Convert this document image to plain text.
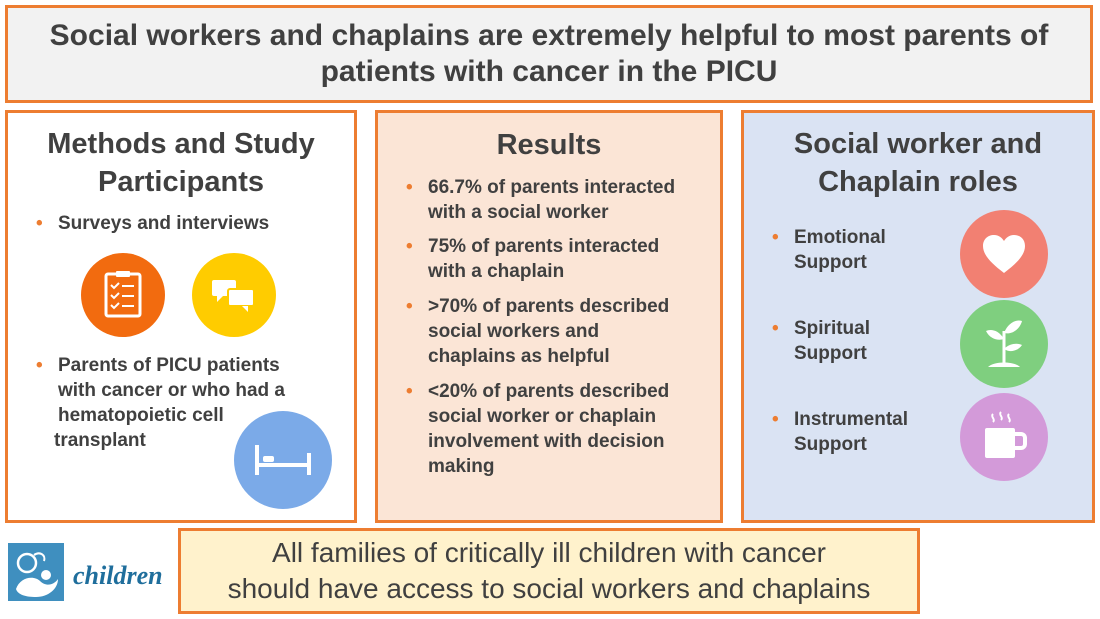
Social workers and chaplains are extremely helpful to most parents of
patients with cancer in the PICU
Methods and Study
Participants
• Surveys and interviews
• Parents of PICU patients
with cancer or who had a
hematopoietic cell
transplant
Results
• 66.7% of parents interacted
with a social worker
• 75% of parents interacted
with a chaplain
• >70% of parents described
social workers and
chaplains as helpful
• <20% of parents described
social worker or chaplain
involvement with decision
making
Social worker and
Chaplain roles
• Emotional
Support
• Spiritual
Support
• Instrumental
Support
children
All families of critically ill children with cancer
should have access to social workers and chaplains
